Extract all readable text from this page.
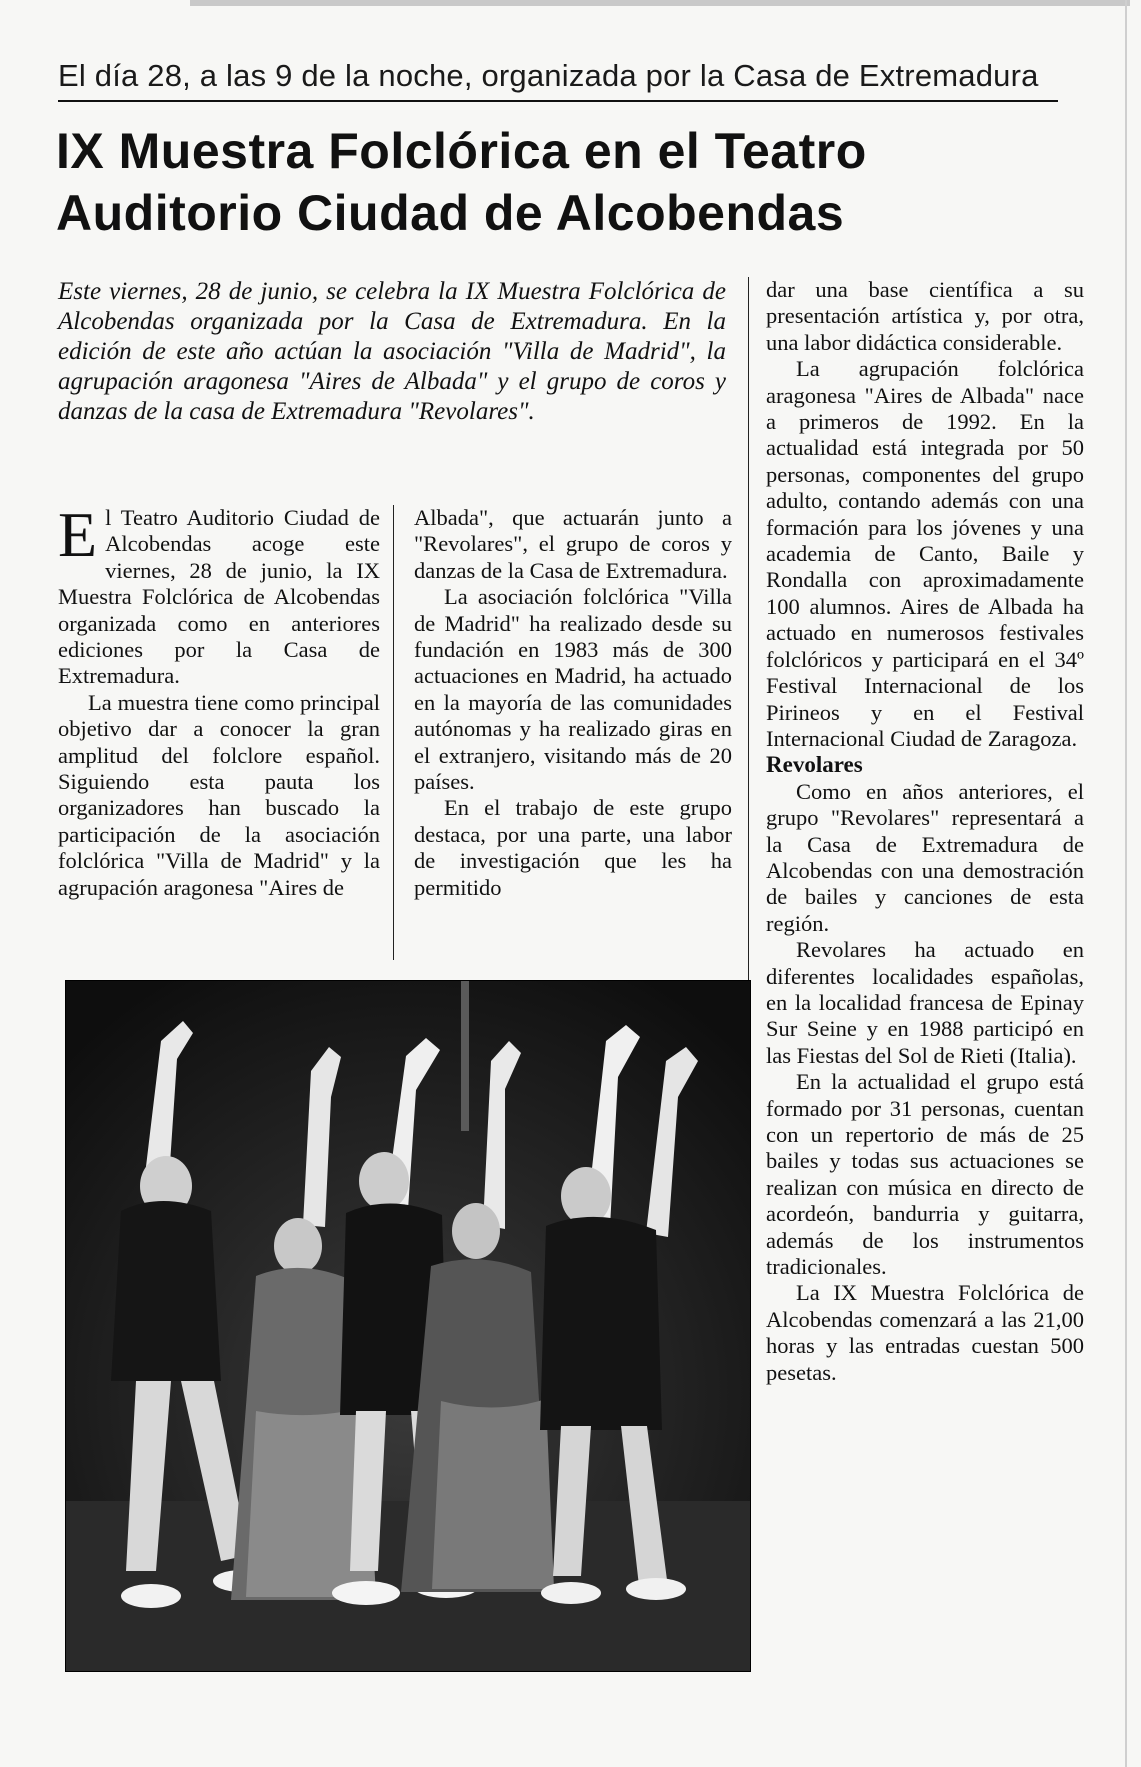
El día 28, a las 9 de la noche, organizada por la Casa de Extremadura
IX Muestra Folclórica en el Teatro Auditorio Ciudad de Alcobendas

Este viernes, 28 de junio, se celebra la IX Muestra Folclórica de Alcobendas organizada por la Casa de Extremadura. En la edición de este año actúan la asociación "Villa de Madrid", la agrupación aragonesa "Aires de Albada" y el grupo de coros y danzas de la casa de Extremadura "Revolares".

El Teatro Auditorio Ciudad de Alcobendas acoge este viernes, 28 de junio, la IX Muestra Folclórica de Alcobendas organizada como en anteriores ediciones por la Casa de Extremadura.

La muestra tiene como principal objetivo dar a conocer la gran amplitud del folclore español. Siguiendo esta pauta los organizadores han buscado la participación de la asociación folclórica "Villa de Madrid" y la agrupación aragonesa "Aires de

Albada", que actuarán junto a "Revolares", el grupo de coros y danzas de la Casa de Extremadura.

La asociación folclórica "Villa de Madrid" ha realizado desde su fundación en 1983 más de 300 actuaciones en Madrid, ha actuado en la mayoría de las comunidades autónomas y ha realizado giras en el extranjero, visitando más de 20 países.

En el trabajo de este grupo destaca, por una parte, una labor de investigación que les ha permitido

dar una base científica a su presentación artística y, por otra, una labor didáctica considerable.

La agrupación folclórica aragonesa "Aires de Albada" nace a primeros de 1992. En la actualidad está integrada por 50 personas, componentes del grupo adulto, contando además con una formación para los jóvenes y una academia de Canto, Baile y Rondalla con aproximadamente 100 alumnos. Aires de Albada ha actuado en numerosos festivales folclóricos y participará en el 34º Festival Internacional de los Pirineos y en el Festival Internacional Ciudad de Zaragoza.

Revolares

Como en años anteriores, el grupo "Revolares" representará a la Casa de Extremadura de Alcobendas con una demostración de bailes y canciones de esta región.

Revolares ha actuado en diferentes localidades españolas, en la localidad francesa de Epinay Sur Seine y en 1988 participó en las Fiestas del Sol de Rieti (Italia).

En la actualidad el grupo está formado por 31 personas, cuentan con un repertorio de más de 25 bailes y todas sus actuaciones se realizan con música en directo de acordeón, bandurria y guitarra, además de los instrumentos tradicionales.

La IX Muestra Folclórica de Alcobendas comenzará a las 21,00 horas y las entradas cuestan 500 pesetas.
